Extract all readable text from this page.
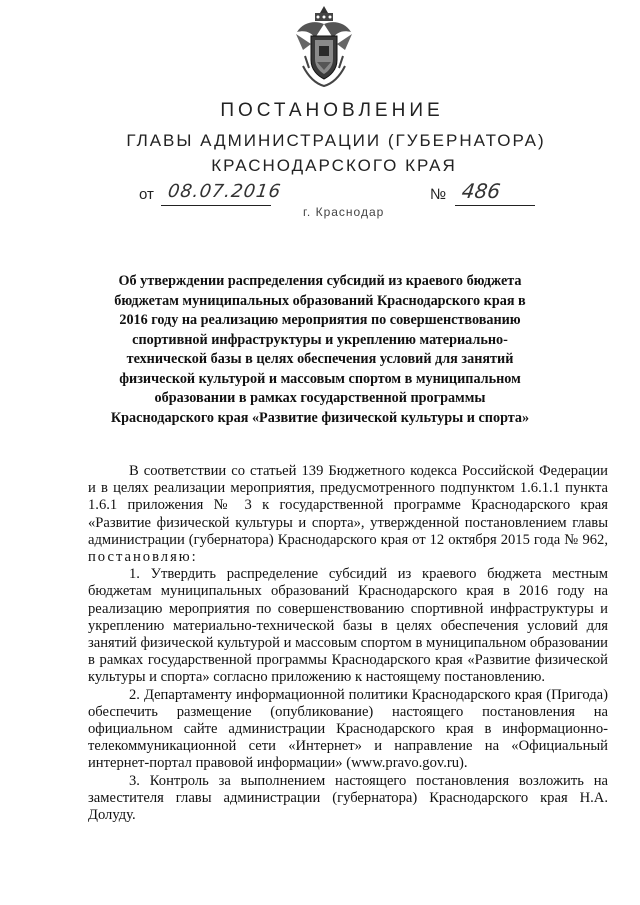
ПОСТАНОВЛЕНИЕ
ГЛАВЫ АДМИНИСТРАЦИИ (ГУБЕРНАТОРА)
КРАСНОДАРСКОГО КРАЯ
от 08.07.2016	№ 486
г. Краснодар

Об утверждении распределения субсидий из краевого бюджета бюджетам муниципальных образований Краснодарского края в 2016 году на реализацию мероприятия по совершенствованию спортивной инфраструктуры и укреплению материально-технической базы в целях обеспечения условий для занятий физической культурой и массовым спортом в муниципальном образовании в рамках государственной программы Краснодарского края «Развитие физической культуры и спорта»

В соответствии со статьей 139 Бюджетного кодекса Российской Федерации и в целях реализации мероприятия, предусмотренного подпунктом 1.6.1.1 пункта 1.6.1 приложения № 3 к государственной программе Краснодарского края «Развитие физической культуры и спорта», утвержденной постановлением главы администрации (губернатора) Краснодарского края от 12 октября 2015 года № 962, постановляю:

1. Утвердить распределение субсидий из краевого бюджета местным бюджетам муниципальных образований Краснодарского края в 2016 году на реализацию мероприятия по совершенствованию спортивной инфраструктуры и укреплению материально-технической базы в целях обеспечения условий для занятий физической культурой и массовым спортом в муниципальном образовании в рамках государственной программы Краснодарского края «Развитие физической культуры и спорта» согласно приложению к настоящему постановлению.

2. Департаменту информационной политики Краснодарского края (Пригода) обеспечить размещение (опубликование) настоящего постановления на официальном сайте администрации Краснодарского края в информационно-телекоммуникационной сети «Интернет» и направление на «Официальный интернет-портал правовой информации» (www.pravo.gov.ru).

3. Контроль за выполнением настоящего постановления возложить на заместителя главы администрации (губернатора) Краснодарского края Н.А. Долуду.
